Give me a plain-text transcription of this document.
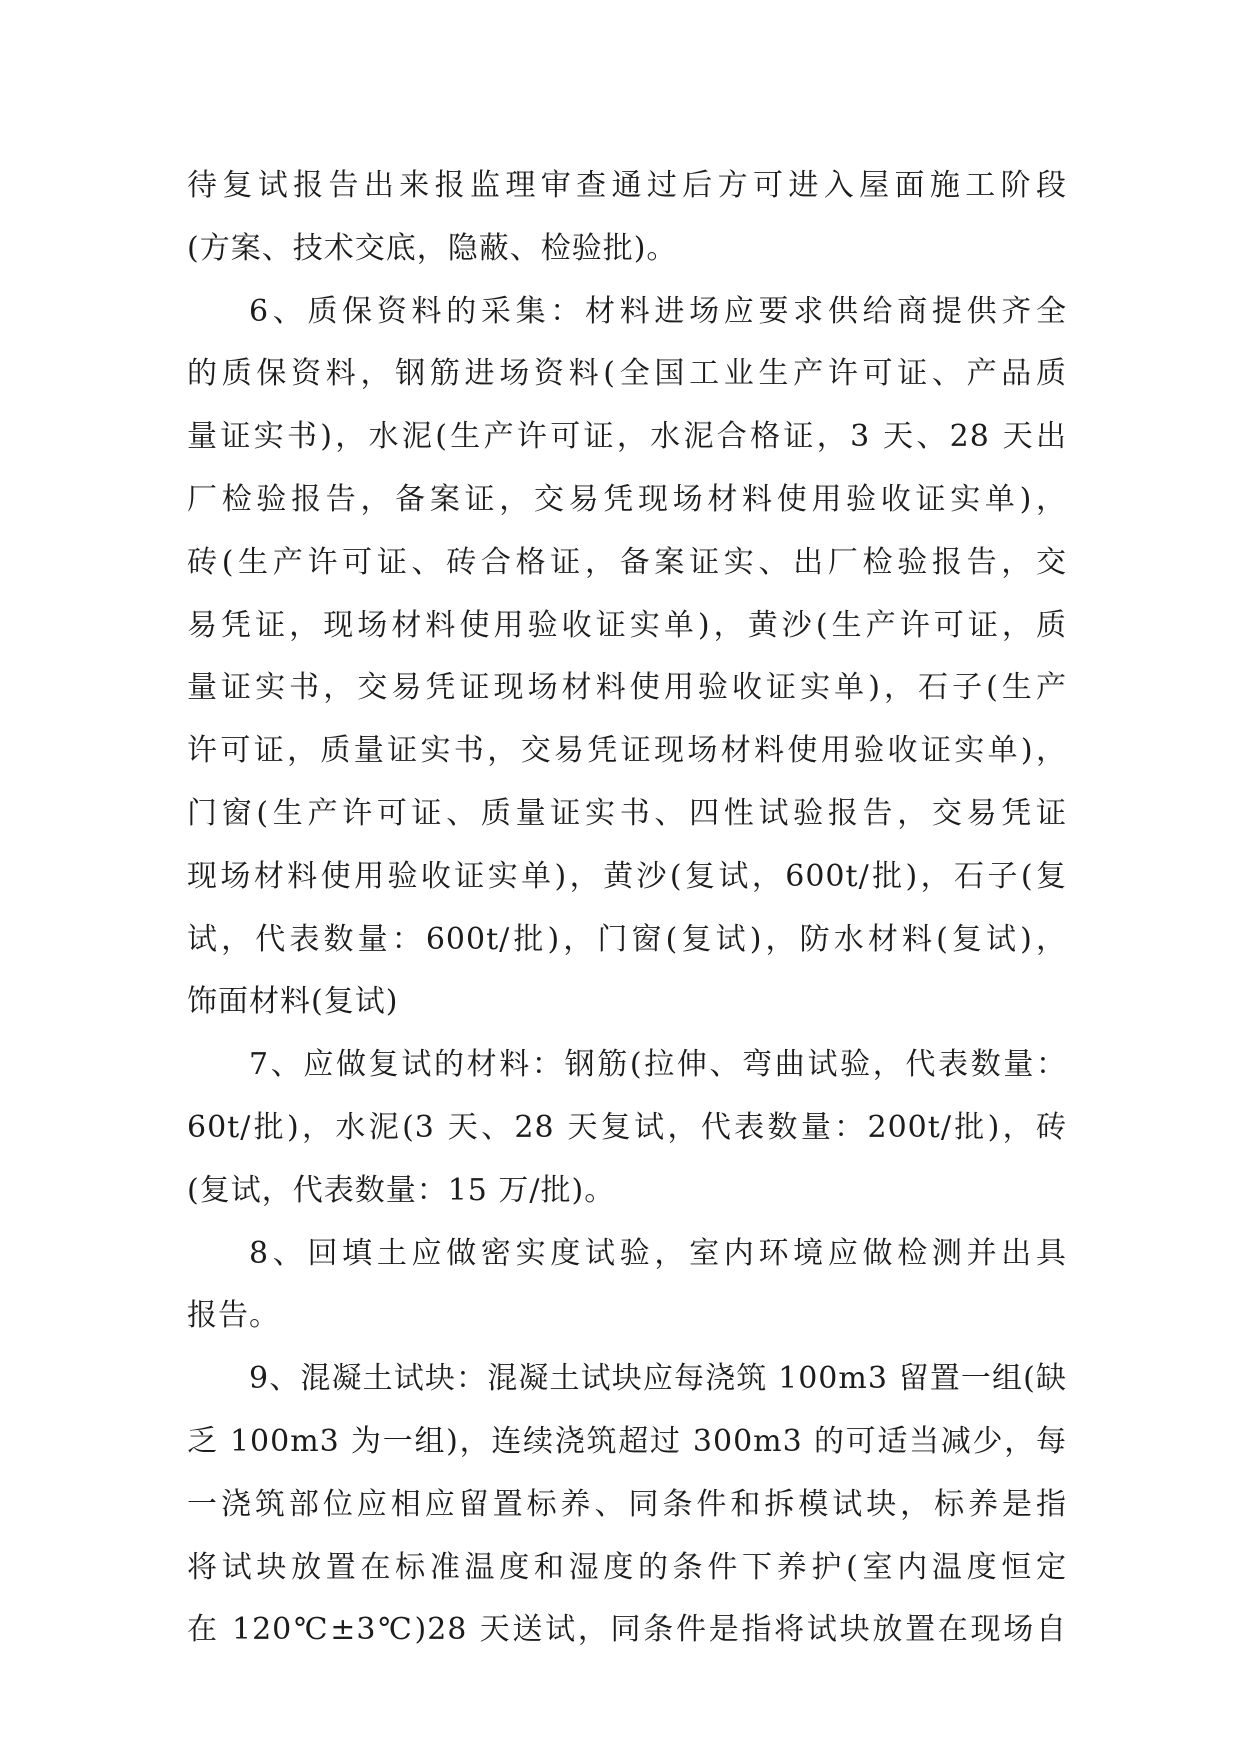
待复试报告出来报监理审查通过后方可进入屋面施工阶段
(方案、技术交底，隐蔽、检验批)。
6、质保资料的采集：材料进场应要求供给商提供齐全
的质保资料，钢筋进场资料(全国工业生产许可证、产品质
量证实书)，水泥(生产许可证，水泥合格证，3 天、28 天出
厂检验报告，备案证，交易凭现场材料使用验收证实单)，
砖(生产许可证、砖合格证，备案证实、出厂检验报告，交
易凭证，现场材料使用验收证实单)，黄沙(生产许可证，质
量证实书，交易凭证现场材料使用验收证实单)，石子(生产
许可证，质量证实书，交易凭证现场材料使用验收证实单)，
门窗(生产许可证、质量证实书、四性试验报告，交易凭证
现场材料使用验收证实单)，黄沙(复试，600t/批)，石子(复
试，代表数量：600t/批)，门窗(复试)，防水材料(复试)，
饰面材料(复试)
7、应做复试的材料：钢筋(拉伸、弯曲试验，代表数量：
60t/批)，水泥(3 天、28 天复试，代表数量：200t/批)，砖
(复试，代表数量：15 万/批)。
8、回填土应做密实度试验，室内环境应做检测并出具
报告。
9、混凝土试块：混凝土试块应每浇筑 100m3 留置一组(缺
乏 100m3 为一组)，连续浇筑超过 300m3 的可适当减少，每
一浇筑部位应相应留置标养、同条件和拆模试块，标养是指
将试块放置在标准温度和湿度的条件下养护(室内温度恒定
在 120℃±3℃)28 天送试，同条件是指将试块放置在现场自
